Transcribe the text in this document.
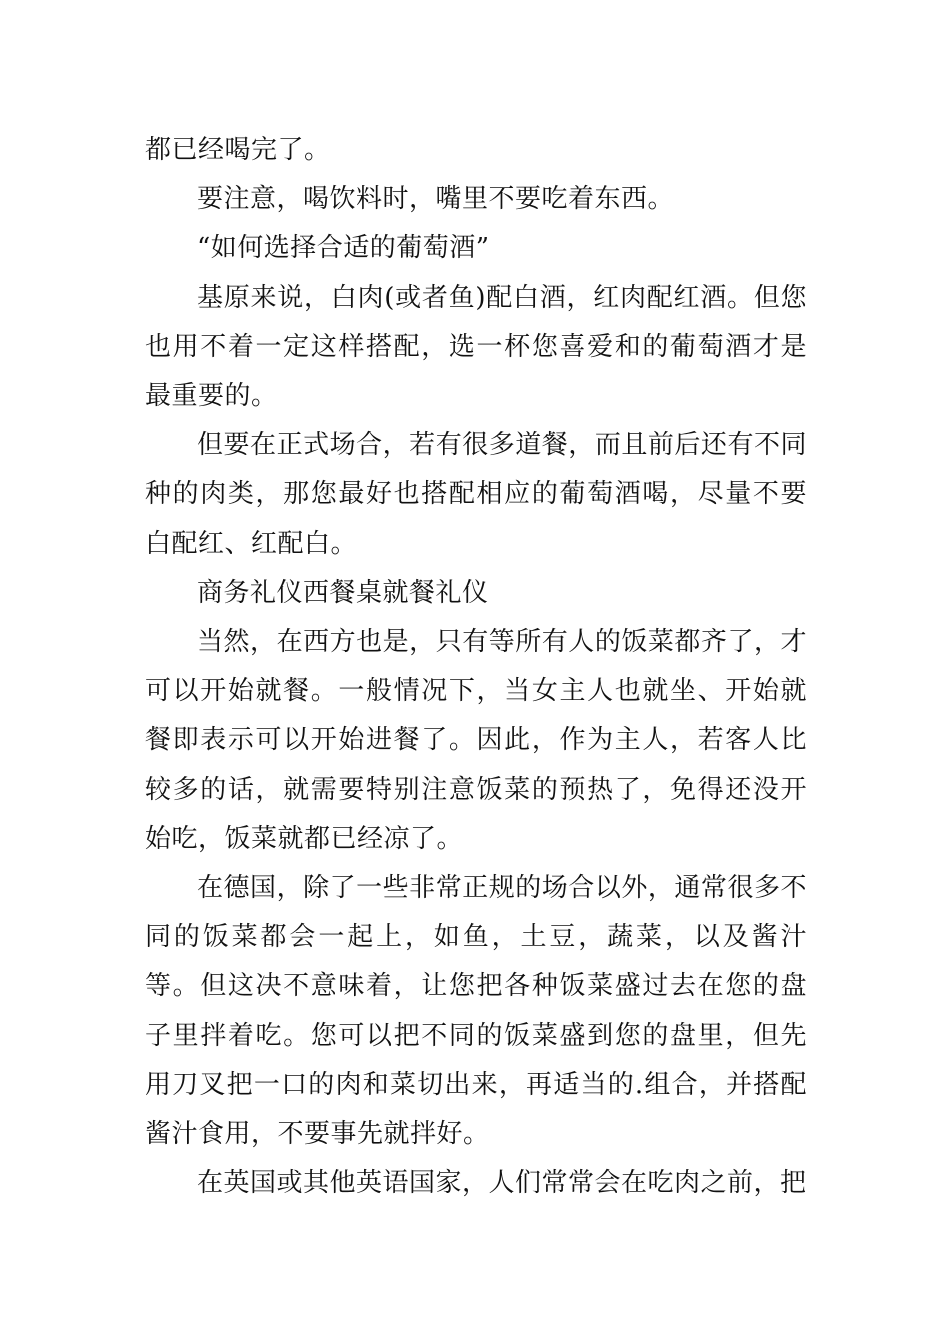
都已经喝完了。

要注意，喝饮料时，嘴里不要吃着东西。

“如何选择合适的葡萄酒”

基原来说，白肉(或者鱼)配白酒，红肉配红酒。但您也用不着一定这样搭配，选一杯您喜爱和的葡萄酒才是最重要的。

但要在正式场合，若有很多道餐，而且前后还有不同种的肉类，那您最好也搭配相应的葡萄酒喝，尽量不要白配红、红配白。

商务礼仪西餐桌就餐礼仪

当然，在西方也是，只有等所有人的饭菜都齐了，才可以开始就餐。一般情况下，当女主人也就坐、开始就餐即表示可以开始进餐了。因此，作为主人，若客人比较多的话，就需要特别注意饭菜的预热了，免得还没开始吃，饭菜就都已经凉了。

在德国，除了一些非常正规的场合以外，通常很多不同的饭菜都会一起上，如鱼，土豆，蔬菜，以及酱汁等。但这决不意味着，让您把各种饭菜盛过去在您的盘子里拌着吃。您可以把不同的饭菜盛到您的盘里，但先用刀叉把一口的肉和菜切出来，再适当的.组合，并搭配酱汁食用，不要事先就拌好。

在英国或其他英语国家，人们常常会在吃肉之前，把
